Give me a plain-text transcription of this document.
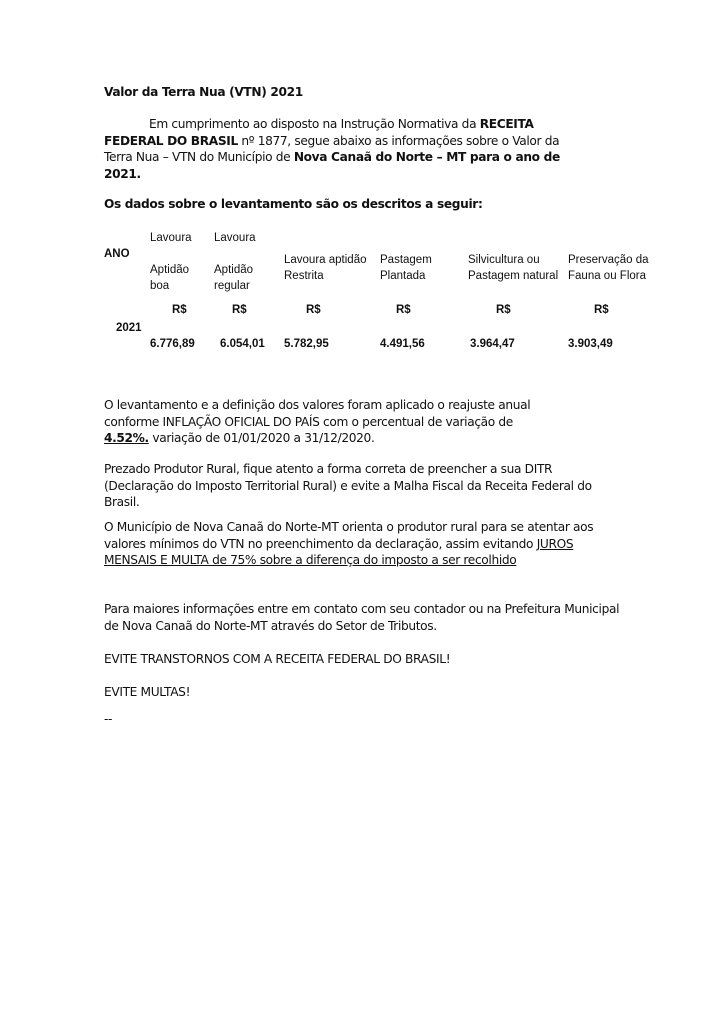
Valor da Terra Nua (VTN) 2021

Em cumprimento ao disposto na Instrução Normativa da RECEITA FEDERAL DO BRASIL nº 1877, segue abaixo as informações sobre o Valor da Terra Nua – VTN do Município de Nova Canaã do Norte – MT para o ano de 2021.

Os dados sobre o levantamento são os descritos a seguir:

ANO
2021
Lavoura
Aptidão
boa
R$
6.776,89
Lavoura
Aptidão
regular
R$
6.054,01
Lavoura aptidão
Restrita
R$
5.782,95
Pastagem
Plantada
R$
4.491,56
Silvicultura ou
Pastagem natural
R$
3.964,47
Preservação da
Fauna ou Flora
R$
3.903,49

O levantamento e a definição dos valores foram aplicado o reajuste anual conforme INFLAÇÃO OFICIAL DO PAÍS com o percentual de variação de 4.52%. variação de 01/01/2020 a 31/12/2020.

Prezado Produtor Rural, fique atento a forma correta de preencher a sua DITR (Declaração do Imposto Territorial Rural) e evite a Malha Fiscal da Receita Federal do Brasil.

O Município de Nova Canaã do Norte-MT orienta o produtor rural para se atentar aos valores mínimos do VTN no preenchimento da declaração, assim evitando JUROS MENSAIS E MULTA de 75% sobre a diferença do imposto a ser recolhido

Para maiores informações entre em contato com seu contador ou na Prefeitura Municipal de Nova Canaã do Norte-MT através do Setor de Tributos.

EVITE TRANSTORNOS COM A RECEITA FEDERAL DO BRASIL!

EVITE MULTAS!

--
